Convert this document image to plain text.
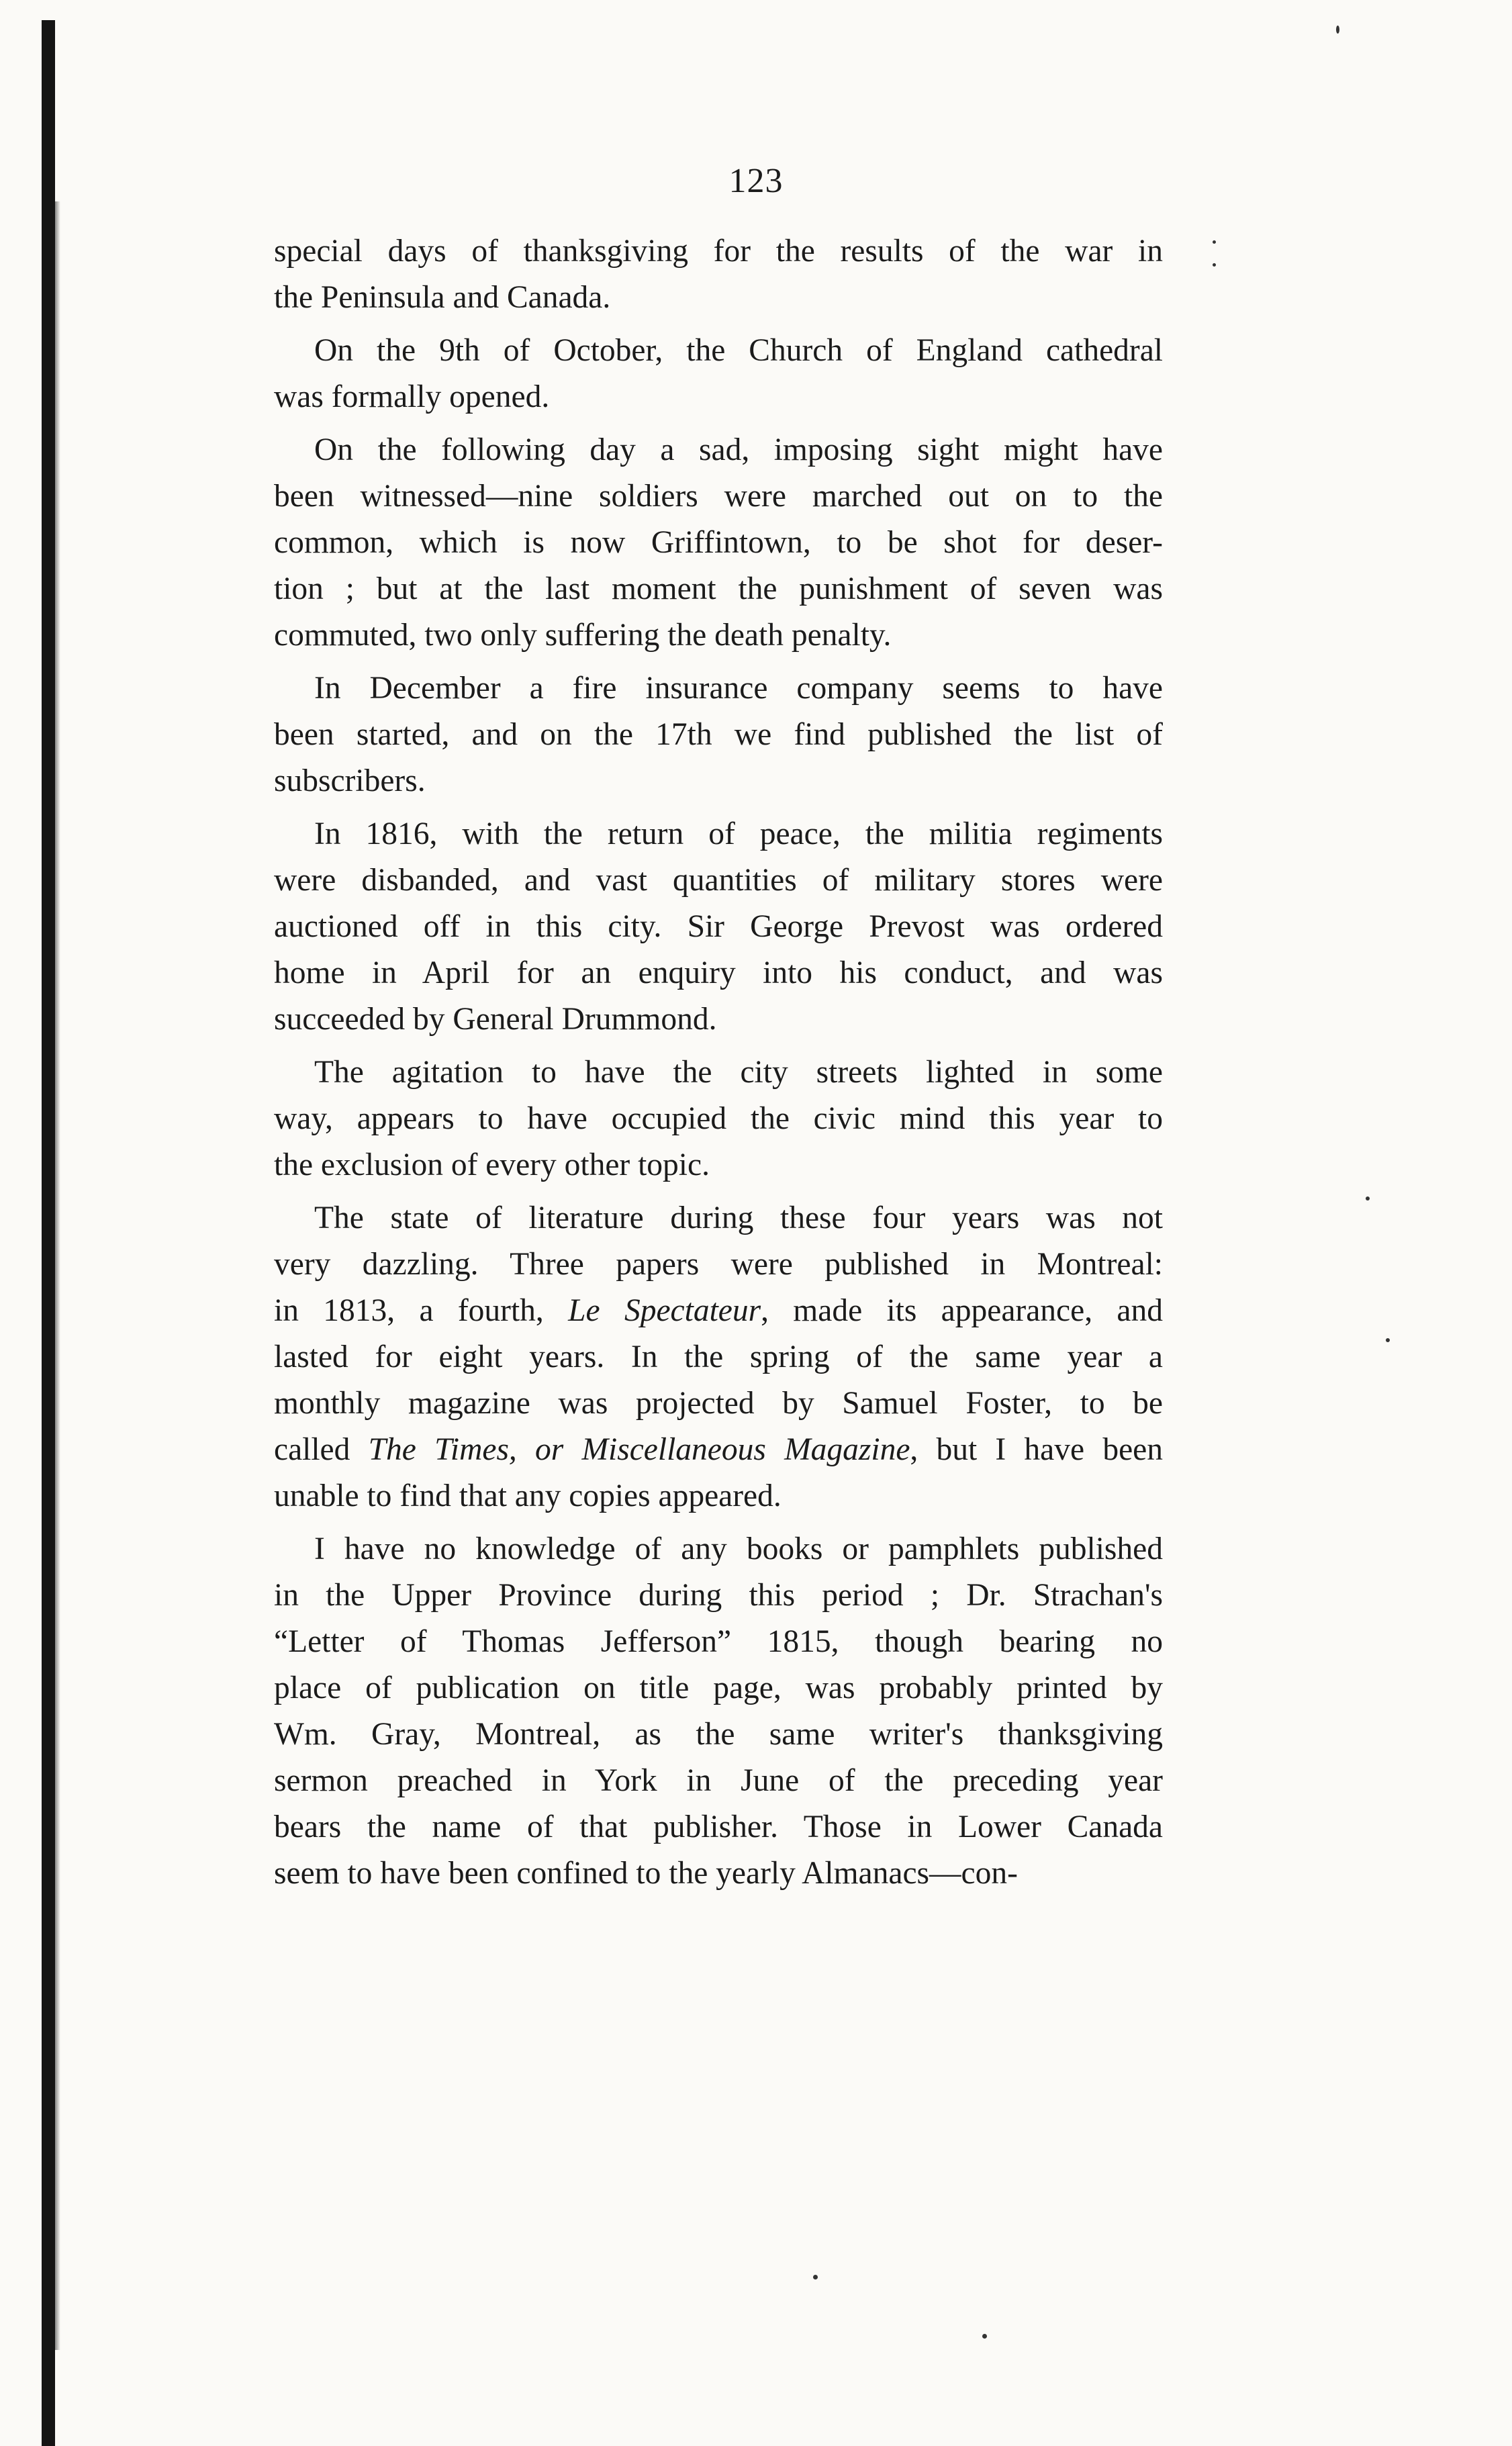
123
special days of thanksgiving for the results of the war in
the Peninsula and Canada.
On the 9th of October, the Church of England cathedral
was formally opened.
On the following day a sad, imposing sight might have
been witnessed—nine soldiers were marched out on to the
common, which is now Griffintown, to be shot for deser-
tion ; but at the last moment the punishment of seven was
commuted, two only suffering the death penalty.
In December a fire insurance company seems to have
been started, and on the 17th we find published the list of
subscribers.
In 1816, with the return of peace, the militia regiments
were disbanded, and vast quantities of military stores were
auctioned off in this city. Sir George Prevost was ordered
home in April for an enquiry into his conduct, and was
succeeded by General Drummond.
The agitation to have the city streets lighted in some
way, appears to have occupied the civic mind this year to
the exclusion of every other topic.
The state of literature during these four years was not
very dazzling. Three papers were published in Montreal:
in 1813, a fourth, Le Spectateur, made its appearance, and
lasted for eight years. In the spring of the same year a
monthly magazine was projected by Samuel Foster, to be
called The Times, or Miscellaneous Magazine, but I have been
unable to find that any copies appeared.
I have no knowledge of any books or pamphlets published
in the Upper Province during this period ; Dr. Strachan's
“Letter of Thomas Jefferson” 1815, though bearing no
place of publication on title page, was probably printed by
Wm. Gray, Montreal, as the same writer's thanksgiving
sermon preached in York in June of the preceding year
bears the name of that publisher. Those in Lower Canada
seem to have been confined to the yearly Almanacs—con-
